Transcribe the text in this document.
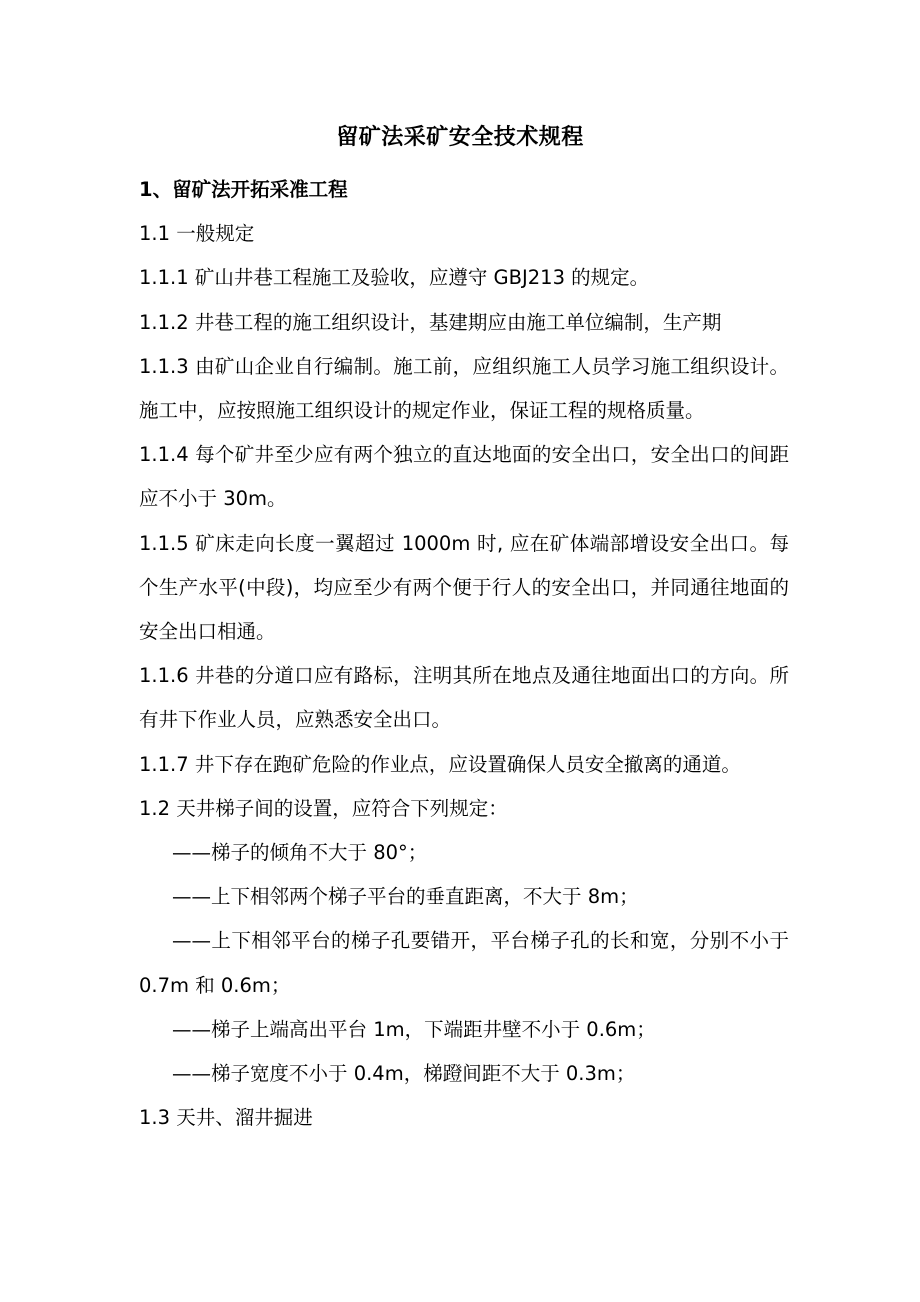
留矿法采矿安全技术规程

1、留矿法开拓采准工程

1.1 一般规定

1.1.1 矿山井巷工程施工及验收，应遵守 GBJ213 的规定。

1.1.2 井巷工程的施工组织设计，基建期应由施工单位编制，生产期

1.1.3 由矿山企业自行编制。施工前，应组织施工人员学习施工组织设计。施工中，应按照施工组织设计的规定作业，保证工程的规格质量。

1.1.4 每个矿井至少应有两个独立的直达地面的安全出口，安全出口的间距应不小于 30m。

1.1.5 矿床走向长度一翼超过 1000m 时, 应在矿体端部增设安全出口。每个生产水平(中段)，均应至少有两个便于行人的安全出口，并同通往地面的安全出口相通。

1.1.6 井巷的分道口应有路标，注明其所在地点及通往地面出口的方向。所有井下作业人员，应熟悉安全出口。

1.1.7 井下存在跑矿危险的作业点，应设置确保人员安全撤离的通道。

1.2 天井梯子间的设置，应符合下列规定：

——梯子的倾角不大于 80°；

——上下相邻两个梯子平台的垂直距离，不大于 8m；

——上下相邻平台的梯子孔要错开，平台梯子孔的长和宽，分别不小于 0.7m 和 0.6m；

——梯子上端高出平台 1m，下端距井壁不小于 0.6m；

——梯子宽度不小于 0.4m，梯蹬间距不大于 0.3m；

1.3 天井、溜井掘进
